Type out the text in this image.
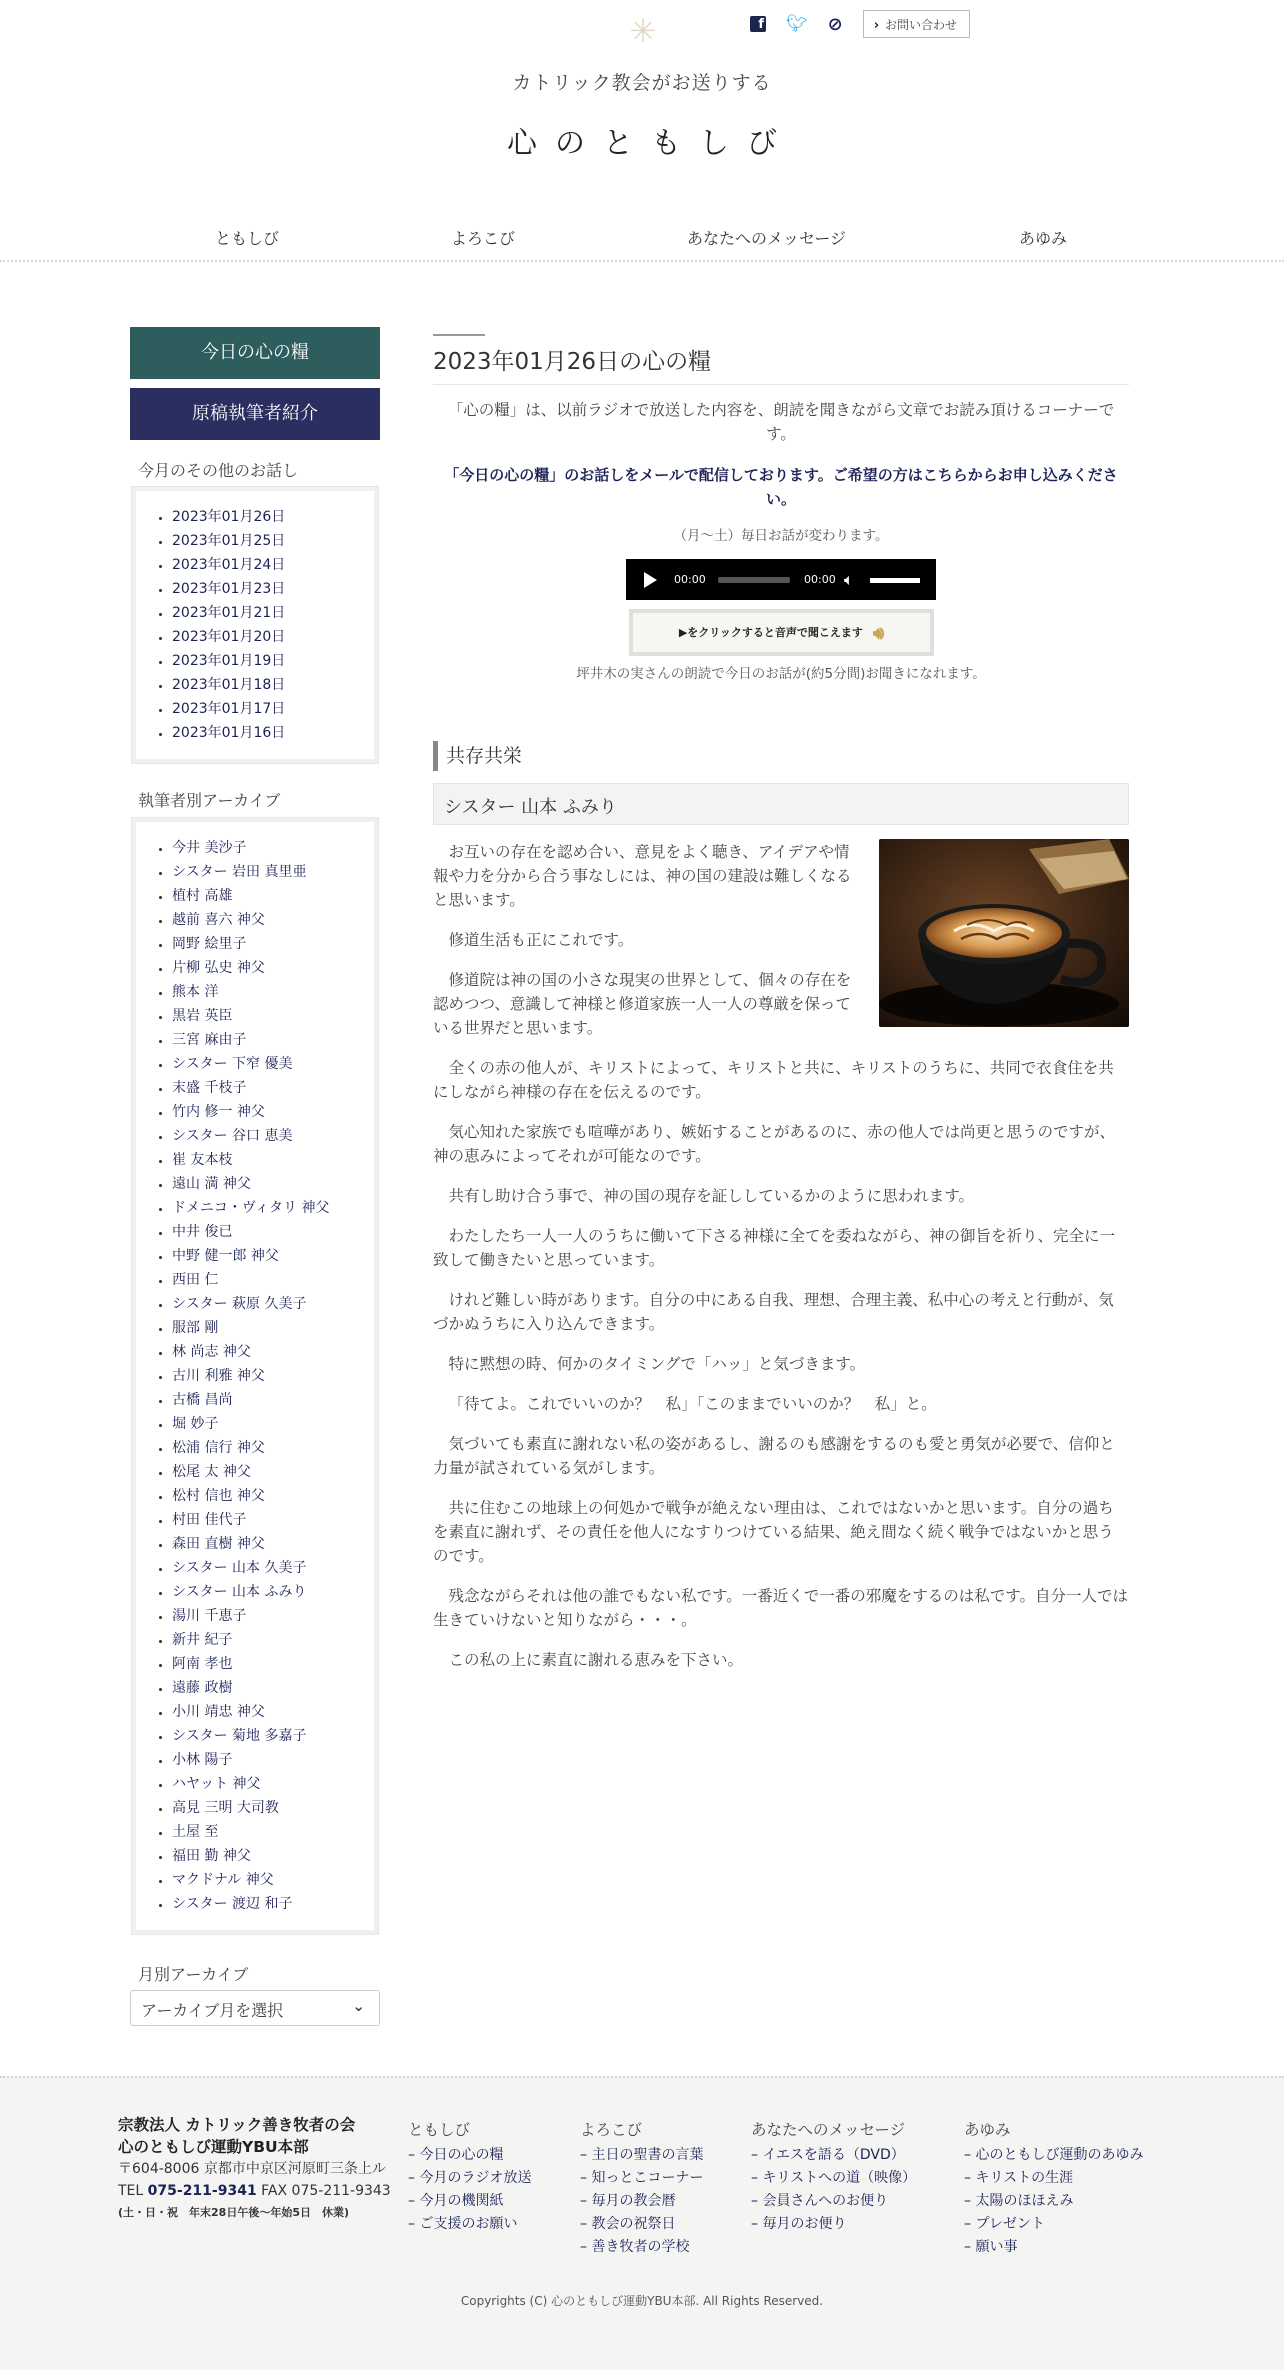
✳	f 🐦︎ ⊘	› お問い合わせ
カトリック教会がお送りする
心のともしび
ともしび	よろこび	あなたへのメッセージ	あゆみ
今日の心の糧
原稿執筆者紹介
今月のその他のお話し
• 2023年01月26日
• 2023年01月25日
• 2023年01月24日
• 2023年01月23日
• 2023年01月21日
• 2023年01月20日
• 2023年01月19日
• 2023年01月18日
• 2023年01月17日
• 2023年01月16日
執筆者別アーカイブ
• 今井 美沙子
• シスター 岩田 真里亜
• 植村 高雄
• 越前 喜六 神父
• 岡野 絵里子
• 片柳 弘史 神父
• 熊本 洋
• 黒岩 英臣
• 三宮 麻由子
• シスター 下窄 優美
• 末盛 千枝子
• 竹内 修一 神父
• シスター 谷口 恵美
• 崔 友本枝
• 遠山 満 神父
• ドメニコ・ヴィタリ 神父
• 中井 俊已
• 中野 健一郎 神父
• 西田 仁
• シスター 萩原 久美子
• 服部 剛
• 林 尚志 神父
• 古川 利雅 神父
• 古橋 昌尚
• 堀 妙子
• 松浦 信行 神父
• 松尾 太 神父
• 松村 信也 神父
• 村田 佳代子
• 森田 直樹 神父
• シスター 山本 久美子
• シスター 山本 ふみり
• 湯川 千恵子
• 新井 紀子
• 阿南 孝也
• 遠藤 政樹
• 小川 靖忠 神父
• シスター 菊地 多嘉子
• 小林 陽子
• ハヤット 神父
• 高見 三明 大司教
• 土屋 至
• 福田 勤 神父
• マクドナル 神父
• シスター 渡辺 和子
月別アーカイブ
アーカイブ月を選択	⌄
2023年01月26日の心の糧
「心の糧」は、以前ラジオで放送した内容を、朗読を聞きながら文章でお読み頂けるコーナーです。
「今日の心の糧」のお話しをメールで配信しております。ご希望の方はこちらからお申し込みください。
（月～土）毎日お話が変わります。
00:00	00:00 🔈︎
▶をクリックすると音声で聞こえます 🔊︎
坪井木の実さんの朗読で今日のお話が(約5分間)お聞きになれます。
共存共栄
シスター 山本 ふみり

お互いの存在を認め合い、意見をよく聴き、アイデアや情報や力を分から合う事なしには、神の国の建設は難しくなると思います。

修道生活も正にこれです。

修道院は神の国の小さな現実の世界として、個々の存在を認めつつ、意識して神様と修道家族一人一人の尊厳を保っている世界だと思います。

全くの赤の他人が、キリストによって、キリストと共に、キリストのうちに、共同で衣食住を共にしながら神様の存在を伝えるのです。

気心知れた家族でも喧嘩があり、嫉妬することがあるのに、赤の他人では尚更と思うのですが、神の恵みによってそれが可能なのです。

共有し助け合う事で、神の国の現存を証ししているかのように思われます。

わたしたち一人一人のうちに働いて下さる神様に全てを委ねながら、神の御旨を祈り、完全に一致して働きたいと思っています。

けれど難しい時があります。自分の中にある自我、理想、合理主義、私中心の考えと行動が、気づかぬうちに入り込んできます。

特に黙想の時、何かのタイミングで「ハッ」と気づきます。

「待てよ。これでいいのか？　私」「このままでいいのか？　私」と。

気づいても素直に謝れない私の姿があるし、謝るのも感謝をするのも愛と勇気が必要で、信仰と力量が試されている気がします。

共に住むこの地球上の何処かで戦争が絶えない理由は、これではないかと思います。自分の過ちを素直に謝れず、その責任を他人になすりつけている結果、絶え間なく続く戦争ではないかと思うのです。

残念ながらそれは他の誰でもない私です。一番近くで一番の邪魔をするのは私です。自分一人では生きていけないと知りながら・・・。

この私の上に素直に謝れる恵みを下さい。

宗教法人 カトリック善き牧者の会
心のともしび運動YBU本部
〒604-8006 京都市中京区河原町三条上ル
TEL 075-211-9341 FAX 075-211-9343
(土・日・祝　年末28日午後〜年始5日　休業)
ともしび
– 今日の心の糧
– 今月のラジオ放送
– 今月の機関紙
– ご支援のお願い
よろこび
– 主日の聖書の言葉
– 知っとこコーナー
– 毎月の教会暦
– 教会の祝祭日
– 善き牧者の学校
あなたへのメッセージ
– イエスを語る（DVD）
– キリストへの道（映像）
– 会員さんへのお便り
– 毎月のお便り
あゆみ
– 心のともしび運動のあゆみ
– キリストの生涯
– 太陽のほほえみ
– プレゼント
– 願い事
Copyrights (C) 心のともしび運動YBU本部. All Rights Reserved.
